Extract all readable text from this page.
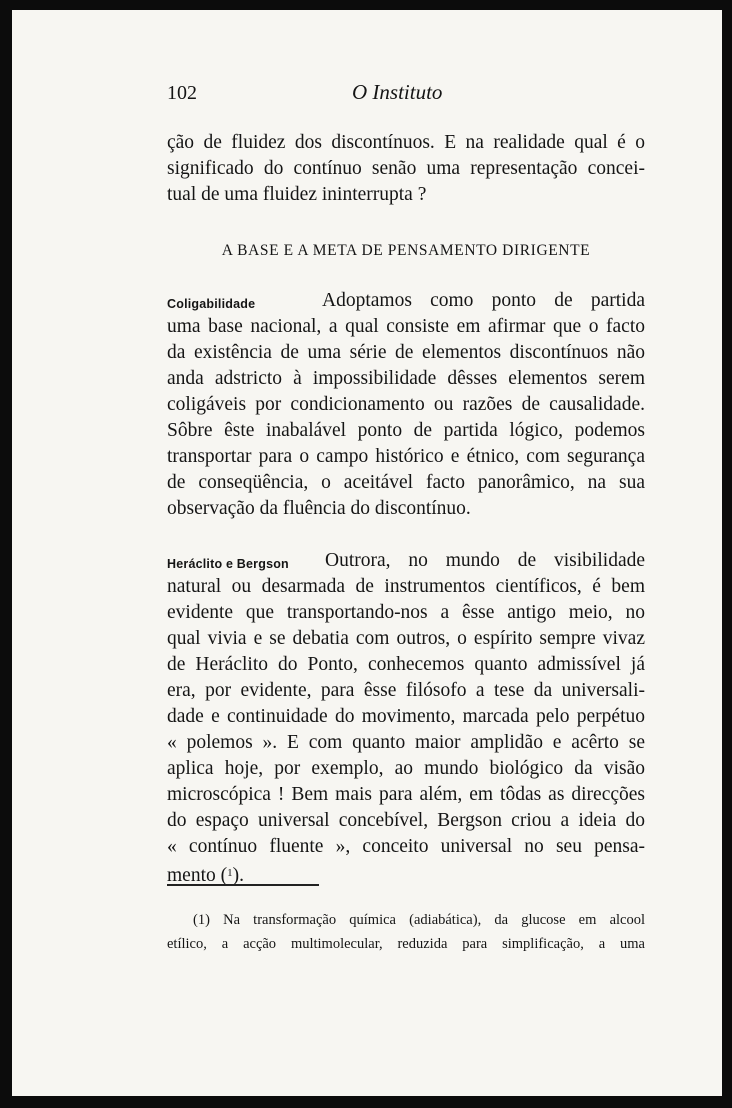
102	O Instituto
ção de fluidez dos discontínuos. E na realidade qual é o
significado do contínuo senão uma representação concei-
tual de uma fluidez ininterrupta ?
A BASE E A META DE PENSAMENTO DIRIGENTE
Coligabilidade	Adoptamos como ponto de partida
uma base nacional, a qual consiste em afirmar que o facto
da existência de uma série de elementos discontínuos não
anda adstricto à impossibilidade dêsses elementos serem
coligáveis por condicionamento ou razões de causalidade.
Sôbre êste inabalável ponto de partida lógico, podemos
transportar para o campo histórico e étnico, com segurança
de conseqüência, o aceitável facto panorâmico, na sua
observação da fluência do discontínuo.
Heráclito e Bergson	Outrora, no mundo de visibilidade
natural ou desarmada de instrumentos científicos, é bem
evidente que transportando-nos a êsse antigo meio, no
qual vivia e se debatia com outros, o espírito sempre vivaz
de Heráclito do Ponto, conhecemos quanto admissível já
era, por evidente, para êsse filósofo a tese da universali-
dade e continuidade do movimento, marcada pelo perpétuo
« polemos ». E com quanto maior amplidão e acêrto se
aplica hoje, por exemplo, ao mundo biológico da visão
microscópica ! Bem mais para além, em tôdas as direcções
do espaço universal concebível, Bergson criou a ideia do
« contínuo fluente », conceito universal no seu pensa-
mento ($^1$).
(1) Na transformação química (adiabática), da glucose em alcool
etílico, a acção multimolecular, reduzida para simplificação, a uma
